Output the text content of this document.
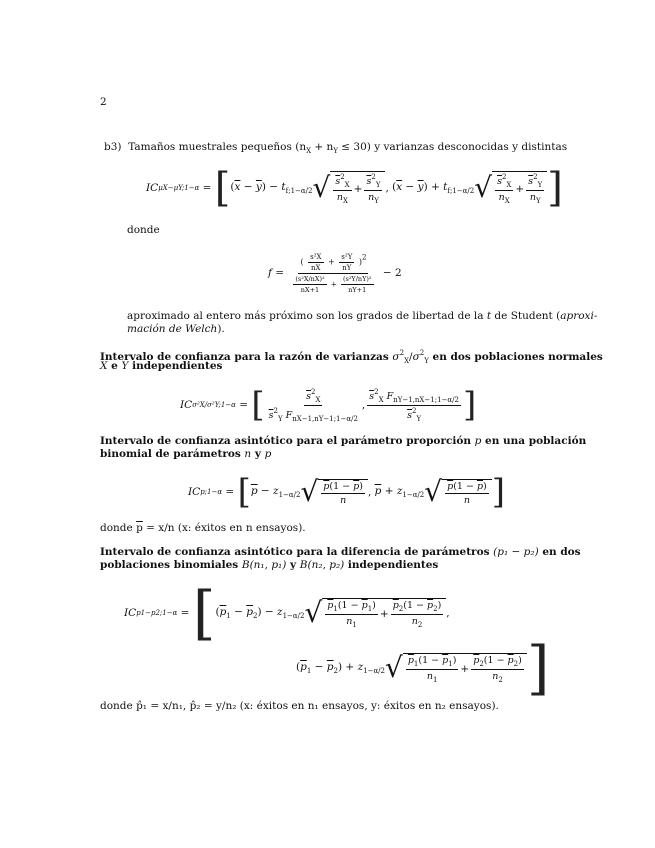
2
b3) Tamaños muestrales pequeños $(n_X + n_Y \le 30)$ y varianzas desconocidas y distintas
IC μX−μY;1−α = [ $(\overline{x} - \overline{y}) - t_{f;1-\alpha/2}$ √ $\frac{s^2_X}{n_X} + \frac{\overline{s}^2_Y}{n_Y}$ , $(\overline{x} - \overline{y}) + t_{f;1-\alpha/2}$ √ $\frac{s^2_X}{n_X} + \frac{\overline{s}^2_Y}{n_Y}$ ]
donde
$f = \frac{( \frac{\text{s²X}}{nX} + \frac{\text{s²Y}}{nY} )2}{\frac{\text{(s²X/nX)²}}{nX+1} + \frac{\text{(s²Y/nY)²}}{nY+1}} - 2$
aproximado al entero más próximo son los grados de libertad de la t de Student (aproxi-
mación de Welch).
Intervalo de confianza para la razón de varianzas $\sigma^2_X/\sigma^2_Y$ en dos poblaciones normales
X e Y independientes
IC σ²X/σ²Y;1−α = [ $\frac{\overline{s}^2_X}{\overline{s}^2_Y F_{nX-1,nY-1;1-\alpha/2}}$ , $\frac{\overline{s}^2_X F_{nY-1,nX-1;1-\alpha/2}}{\overline{s}^2_Y}$ ]
Intervalo de confianza asintótico para el parámetro proporción p en una población
binomial de parámetros n y p
IC p;1−α = [ $\overline{p} - z_{1-\alpha/2}$ √ $\frac{p(1 - \overline{p})}{n}$ , $\overline{p} + z_{1-\alpha/2}$ √ $\frac{p(1 - \overline{p})}{n}$ ]
donde $\overline{p} = x/n$ (x: éxitos en n ensayos).
Intervalo de confianza asintótico para la diferencia de parámetros (p₁ − p₂) en dos
poblaciones binomiales B(n₁, p₁) y B(n₂, p₂) independientes
IC p1−p2;1−α = [ $(\overline{p}_1 - \overline{p}_2) - z_{1-\alpha/2}$ √ $\frac{p_1(1 - \overline{p}_1)}{n_1} + \frac{\overline{p}_2(1 - \overline{p}_2)}{n_2}$ ,
$(\overline{p}_1 - \overline{p}_2) + z_{1-\alpha/2}$ √ $\frac{p_1(1 - \overline{p}_1)}{n_1} + \frac{\overline{p}_2(1 - \overline{p}_2)}{n_2}$ ]
donde p̂₁ = x/n₁, p̂₂ = y/n₂ (x: éxitos en n₁ ensayos, y: éxitos en n₂ ensayos).
